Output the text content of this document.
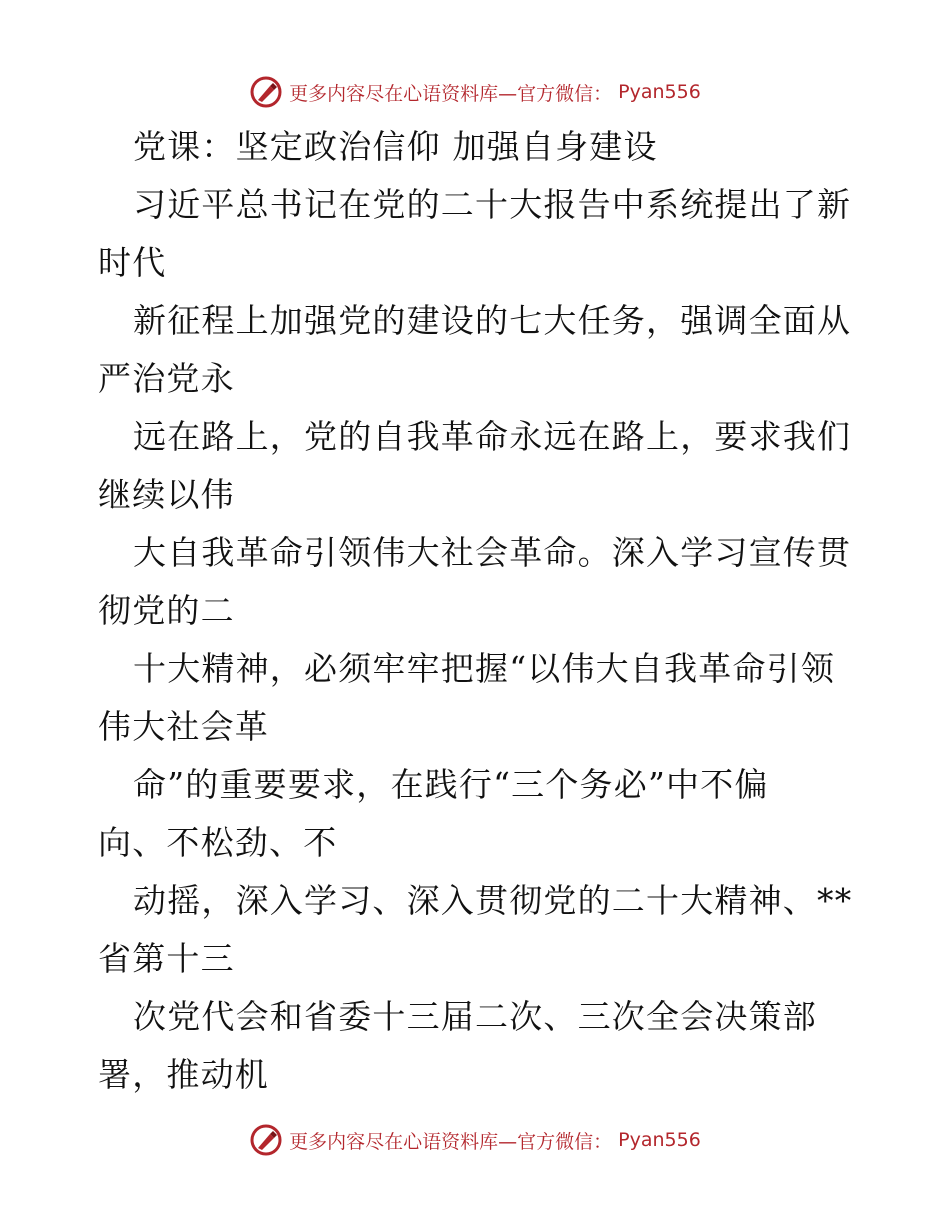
更多内容尽在心语资料库—官方微信： Pyan556
党课：坚定政治信仰 加强自身建设
习近平总书记在党的二十大报告中系统提出了新
时代
新征程上加强党的建设的七大任务，强调全面从
严治党永
远在路上，党的自我革命永远在路上，要求我们
继续以伟
大自我革命引领伟大社会革命。深入学习宣传贯
彻党的二
十大精神，必须牢牢把握“以伟大自我革命引领
伟大社会革
命”的重要要求，在践行“三个务必”中不偏
向、不松劲、不
动摇，深入学习、深入贯彻党的二十大精神、**
省第十三
次党代会和省委十三届二次、三次全会决策部
署，推动机
更多内容尽在心语资料库—官方微信： Pyan556
